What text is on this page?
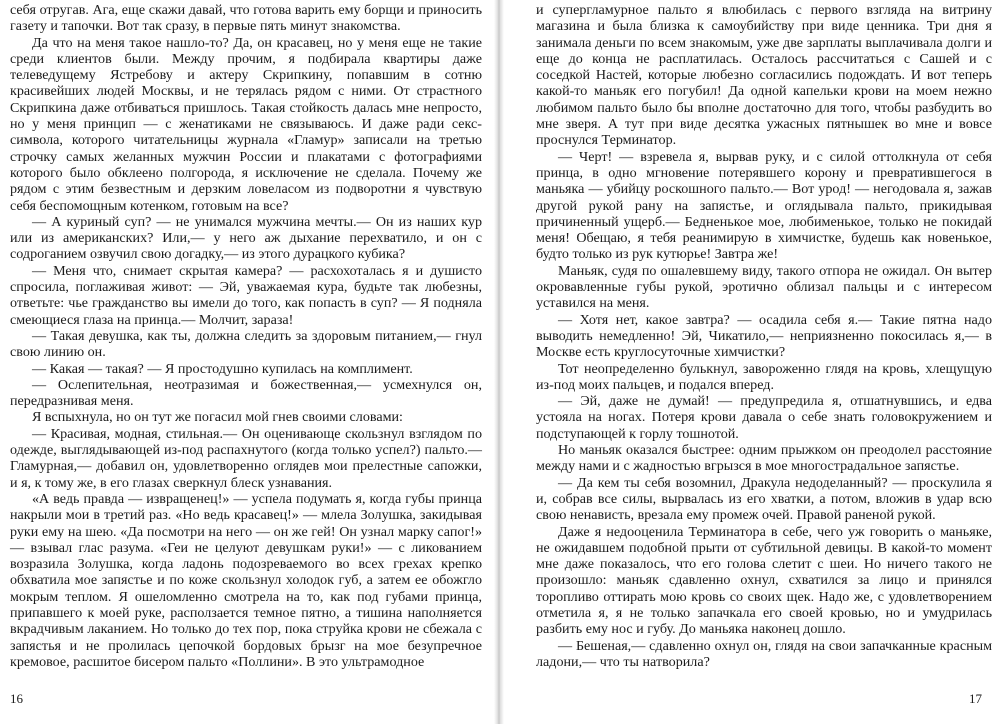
себя отругав. Ага, еще скажи давай, что готова варить ему борщи и приносить газету и тапочки. Вот так сразу, в первые пять минут знакомства.

Да что на меня такое нашло-то? Да, он красавец, но у меня еще не такие среди клиентов были. Между прочим, я подбирала квартиры даже телеведущему Ястребову и актеру Скрипкину, попавшим в сотню красивейших людей Москвы, и не терялась рядом с ними. От страстного Скрипкина даже отбиваться пришлось. Такая стойкость далась мне непросто, но у меня принцип — с женатиками не связываюсь. И даже ради секс-символа, которого читательницы журнала «Гламур» записали на третью строчку самых желанных мужчин России и плакатами с фотографиями которого было обклеено полгорода, я исключение не сделала. Почему же рядом с этим безвестным и дерзким ловеласом из подворотни я чувствую себя беспомощным котенком, готовым на все?

— А куриный суп? — не унимался мужчина мечты.— Он из наших кур или из американских? Или,— у него аж дыхание перехватило, и он с содроганием озвучил свою догадку,— из этого дурацкого кубика?

— Меня что, снимает скрытая камера? — расхохоталась я и душисто спросила, поглаживая живот: — Эй, уважаемая кура, будьте так любезны, ответьте: чье гражданство вы имели до того, как попасть в суп? — Я подняла смеющиеся глаза на принца.— Молчит, зараза!

— Такая девушка, как ты, должна следить за здоровым питанием,— гнул свою линию он.

— Какая — такая? — Я простодушно купилась на комплимент.

— Ослепительная, неотразимая и божественная,— усмехнулся он, передразнивая меня.

Я вспыхнула, но он тут же погасил мой гнев своими словами:

— Красивая, модная, стильная.— Он оценивающе скользнул взглядом по одежде, выглядывающей из-под распахнутого (когда только успел?) пальто.— Гламурная,— добавил он, удовлетворенно оглядев мои прелестные сапожки, и я, к тому же, в его глазах сверкнул блеск узнавания.

«А ведь правда — извращенец!» — успела подумать я, когда губы принца накрыли мои в третий раз. «Но ведь красавец!» — млела Золушка, закидывая руки ему на шею. «Да посмотри на него — он же гей! Он узнал марку сапог!» — взывал глас разума. «Геи не целуют девушкам руки!» — с ликованием возразила Золушка, когда ладонь подозреваемого во всех грехах крепко обхватила мое запястье и по коже скользнул холодок губ, а затем ее обожгло мокрым теплом. Я ошеломленно смотрела на то, как под губами принца, припавшего к моей руке, расползается темное пятно, а тишина наполняется вкрадчивым лаканием. Но только до тех пор, пока струйка крови не сбежала с запястья и не пролилась цепочкой бордовых брызг на мое безупречное кремовое, расшитое бисером пальто «Поллини». В это ультрамодное

16

и супергламурное пальто я влюбилась с первого взгляда на витрину магазина и была близка к самоубийству при виде ценника. Три дня я занимала деньги по всем знакомым, уже две зарплаты выплачивала долги и еще до конца не расплатилась. Осталось рассчитаться с Сашей и с соседкой Настей, которые любезно согласились подождать. И вот теперь какой-то маньяк его погубил! Да одной капельки крови на моем нежно любимом пальто было бы вполне достаточно для того, чтобы разбудить во мне зверя. А тут при виде десятка ужасных пятнышек во мне и вовсе проснулся Терминатор.

— Черт! — взревела я, вырвав руку, и с силой оттолкнула от себя принца, в одно мгновение потерявшего корону и превратившегося в маньяка — убийцу роскошного пальто.— Вот урод! — негодовала я, зажав другой рукой рану на запястье, и оглядывала пальто, прикидывая причиненный ущерб.— Бедненькое мое, любименькое, только не покидай меня! Обещаю, я тебя реанимирую в химчистке, будешь как новенькое, будто только из рук кутюрье! Завтра же!

Маньяк, судя по ошалевшему виду, такого отпора не ожидал. Он вытер окровавленные губы рукой, эротично облизал пальцы и с интересом уставился на меня.

— Хотя нет, какое завтра? — осадила себя я.— Такие пятна надо выводить немедленно! Эй, Чикатило,— неприязненно покосилась я,— в Москве есть круглосуточные химчистки?

Тот неопределенно булькнул, завороженно глядя на кровь, хлещущую из-под моих пальцев, и подался вперед.

— Эй, даже не думай! — предупредила я, отшатнувшись, и едва устояла на ногах. Потеря крови давала о себе знать головокружением и подступающей к горлу тошнотой.

Но маньяк оказался быстрее: одним прыжком он преодолел расстояние между нами и с жадностью вгрызся в мое многострадальное запястье.

— Да кем ты себя возомнил, Дракула недоделанный? — проскулила я и, собрав все силы, вырвалась из его хватки, а потом, вложив в удар всю свою ненависть, врезала ему промеж очей. Правой раненой рукой.

Даже я недооценила Терминатора в себе, чего уж говорить о маньяке, не ожидавшем подобной прыти от субтильной девицы. В какой-то момент мне даже показалось, что его голова слетит с шеи. Но ничего такого не произошло: маньяк сдавленно охнул, схватился за лицо и принялся торопливо оттирать мою кровь со своих щек. Надо же, с удовлетворением отметила я, я не только запачкала его своей кровью, но и умудрилась разбить ему нос и губу. До маньяка наконец дошло.

— Бешеная,— сдавленно охнул он, глядя на свои запачканные красным ладони,— что ты натворила?

17
